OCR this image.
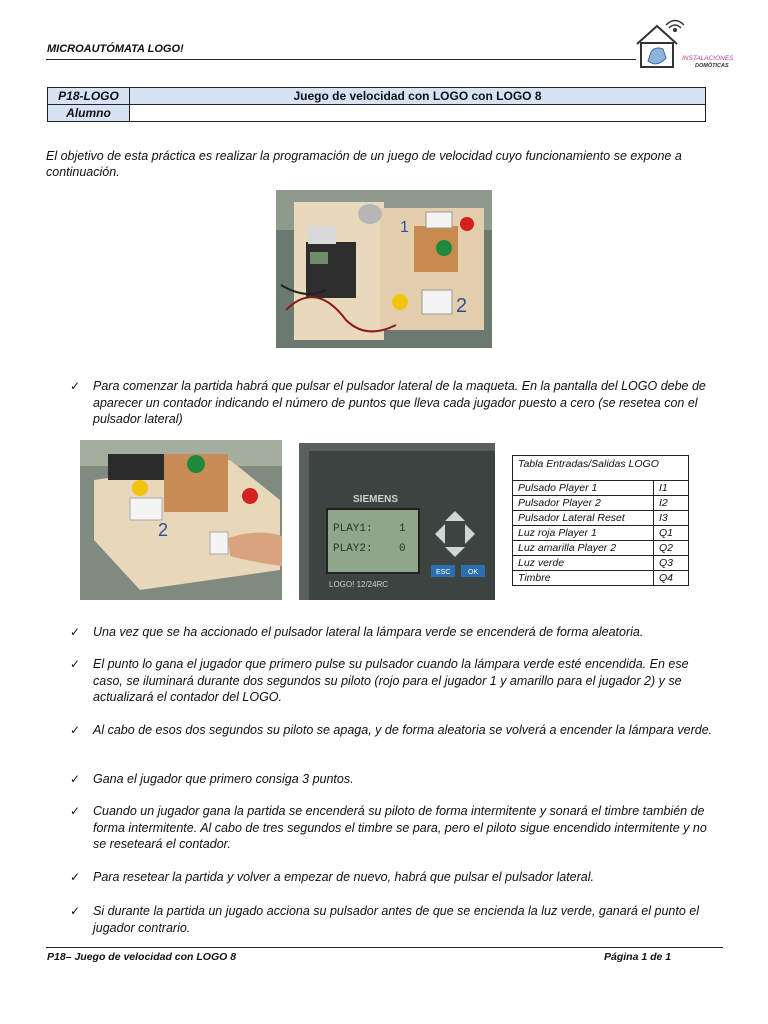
MICROAUTÓMATA LOGO!
INSTALACIONES
DOMÓTICAS
P18-LOGO	Juego de velocidad con LOGO con LOGO 8
Alumno	
El objetivo de esta práctica es realizar la programación de un juego de velocidad cuyo funcionamiento se expone a continuación.
1
2
✓ Para comenzar la partida habrá que pulsar el pulsador lateral de la maqueta. En la pantalla del LOGO debe de aparecer un contador indicando el número de puntos que lleva cada jugador puesto a cero (se resetea con el pulsador lateral)
2
SIEMENS
PLAY1: 1
PLAY2: 0
ESC	OK
LOGO! 12/24RC
Tabla Entradas/Salidas LOGO	
Pulsado Player 1	I1
Pulsador Player 2	I2
Pulsador Lateral Reset	I3
Luz roja Player 1	Q1
Luz amarilla Player 2	Q2
Luz verde	Q3
Timbre	Q4
✓ Una vez que se ha accionado el pulsador lateral la lámpara verde se encenderá de forma aleatoria.
✓ El punto lo gana el jugador que primero pulse su pulsador cuando la lámpara verde esté encendida. En ese caso, se iluminará durante dos segundos su piloto (rojo para el jugador 1 y amarillo para el jugador 2) y se actualizará el contador del LOGO.
✓ Al cabo de esos dos segundos su piloto se apaga, y de forma aleatoria se volverá a encender la lámpara verde.
✓ Gana el jugador que primero consiga 3 puntos.
✓ Cuando un jugador gana la partida se encenderá su piloto de forma intermitente y sonará el timbre también de forma intermitente. Al cabo de tres segundos el timbre se para, pero el piloto sigue encendido intermitente y no se reseteará el contador.
✓ Para resetear la partida y volver a empezar de nuevo, habrá que pulsar el pulsador lateral.
✓ Si durante la partida un jugado acciona su pulsador antes de que se encienda la luz verde, ganará el punto el jugador contrario.
P18– Juego de velocidad con LOGO 8	Página 1 de 1
